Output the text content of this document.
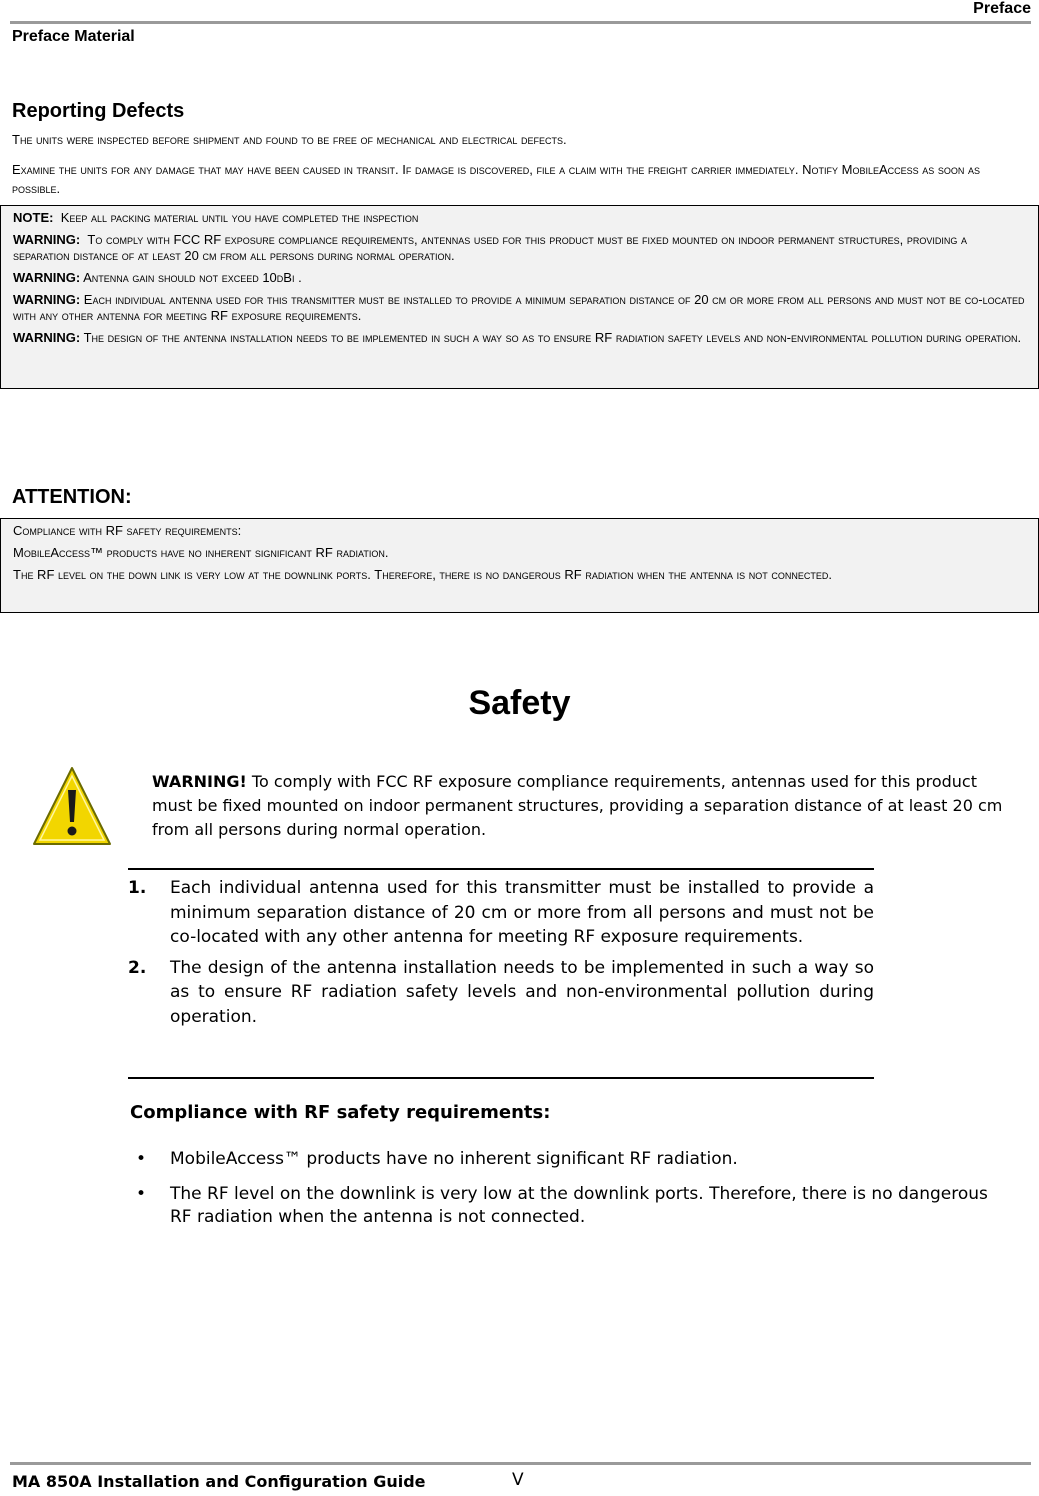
Preface
Preface Material
Reporting Defects
The units were inspected before shipment and found to be free of mechanical and electrical defects.
Examine the units for any damage that may have been caused in transit. If damage is discovered, file a claim with the freight carrier immediately. Notify MobileAccess as soon as possible.
NOTE: Keep all packing material until you have completed the inspection
WARNING: To comply with FCC RF exposure compliance requirements, antennas used for this product must be fixed mounted on indoor permanent structures, providing a separation distance of at least 20 cm from all persons during normal operation.
WARNING: Antenna gain should not exceed 10dBi .
WARNING: Each individual antenna used for this transmitter must be installed to provide a minimum separation distance of 20 cm or more from all persons and must not be co-located with any other antenna for meeting RF exposure requirements.
WARNING: The design of the antenna installation needs to be implemented in such a way so as to ensure RF radiation safety levels and non-environmental pollution during operation.
ATTENTION:
Compliance with RF safety requirements:
MobileAccess™ products have no inherent significant RF radiation.
The RF level on the down link is very low at the downlink ports. Therefore, there is no dangerous RF radiation when the antenna is not connected.
Safety
WARNING! To comply with FCC RF exposure compliance requirements, antennas used for this product must be fixed mounted on indoor permanent structures, providing a separation distance of at least 20 cm from all persons during normal operation.
1. Each individual antenna used for this transmitter must be installed to provide a minimum separation distance of 20 cm or more from all persons and must not be co-located with any other antenna for meeting RF exposure requirements.
2. The design of the antenna installation needs to be implemented in such a way so as to ensure RF radiation safety levels and non-environmental pollution during operation.
Compliance with RF safety requirements:
• MobileAccess™ products have no inherent significant RF radiation.
• The RF level on the downlink is very low at the downlink ports. Therefore, there is no dangerous RF radiation when the antenna is not connected.
MA 850A Installation and Configuration Guide	V
